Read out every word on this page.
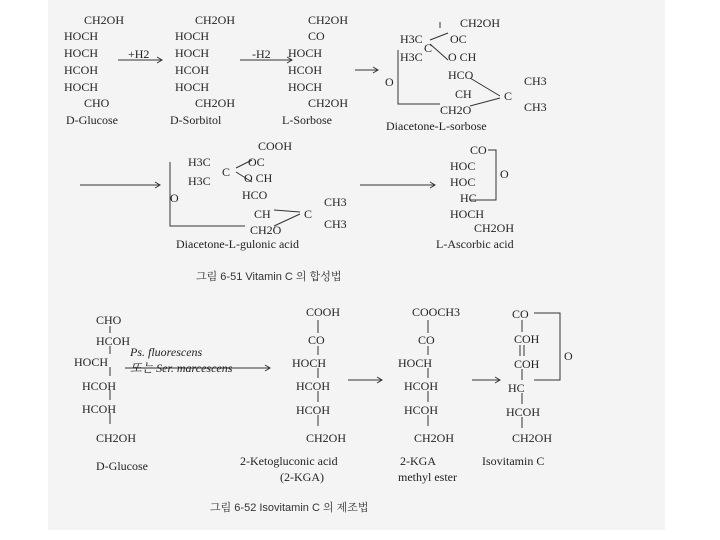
CH2OH
HOCH
HOCH
HCOH
HOCH
CHO
D-Glucose
+H2
CH2OH
HOCH
HOCH
HCOH
HOCH
CH2OH
D-Sorbitol
-H2
CH2OH
CO
HOCH
HCOH
HOCH
CH2OH
L-Sorbose
CH2OH
H3C
C
H3C
OC
O CH
HCO	CH3
O
C
CH
CH2O	CH3
Diacetone-L-sorbose
COOH
H3C
C
H3C
OC
O CH
HCO
O
CH
CH2O
C
CH3
CH3
Diacetone-L-gulonic acid
CO
HOC
HOC
HC
HOCH
CH2OH
O
L-Ascorbic acid
그림 6-51 Vitamin C 의 합성법
CHO
HCOH
HOCH
HCOH
HCOH
CH2OH
D-Glucose
Ps. fluorescens
또는 Ser. marcescens
COOH
CO
HOCH
HCOH
HCOH
CH2OH
2-Ketogluconic acid
(2-KGA)
COOCH3
CO
HOCH
HCOH
HCOH
CH2OH
2-KGA
methyl ester
CO
COH
COH
HC
HCOH
CH2OH
O
Isovitamin C
그림 6-52 Isovitamin C 의 제조법
